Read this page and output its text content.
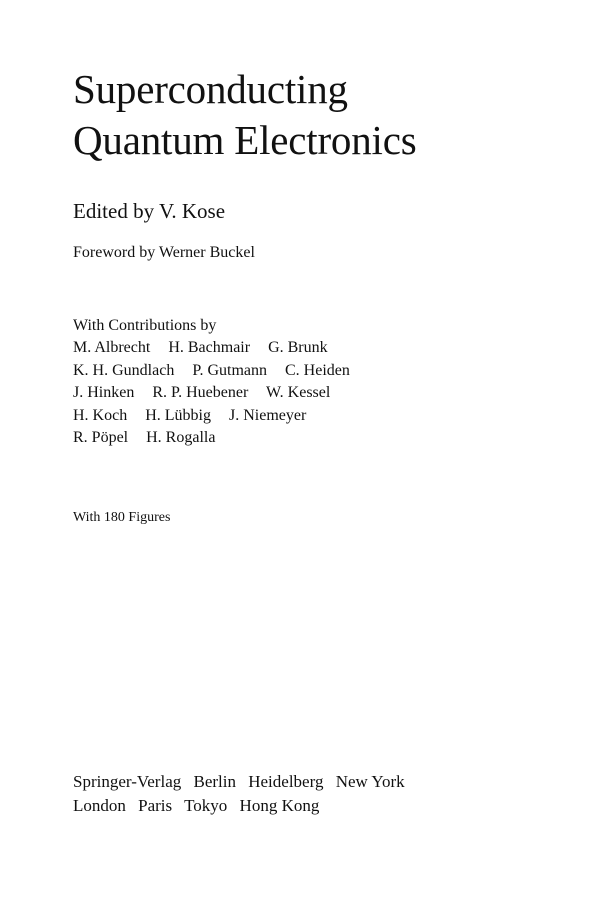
Superconducting
Quantum Electronics
Edited by V. Kose
Foreword by Werner Buckel
With Contributions by
M. Albrecht H. Bachmair G. Brunk
K. H. Gundlach P. Gutmann C. Heiden
J. Hinken R. P. Huebener W. Kessel
H. Koch H. Lübbig J. Niemeyer
R. Pöpel H. Rogalla
With 180 Figures
Springer-Verlag Berlin Heidelberg New York
London Paris Tokyo Hong Kong
